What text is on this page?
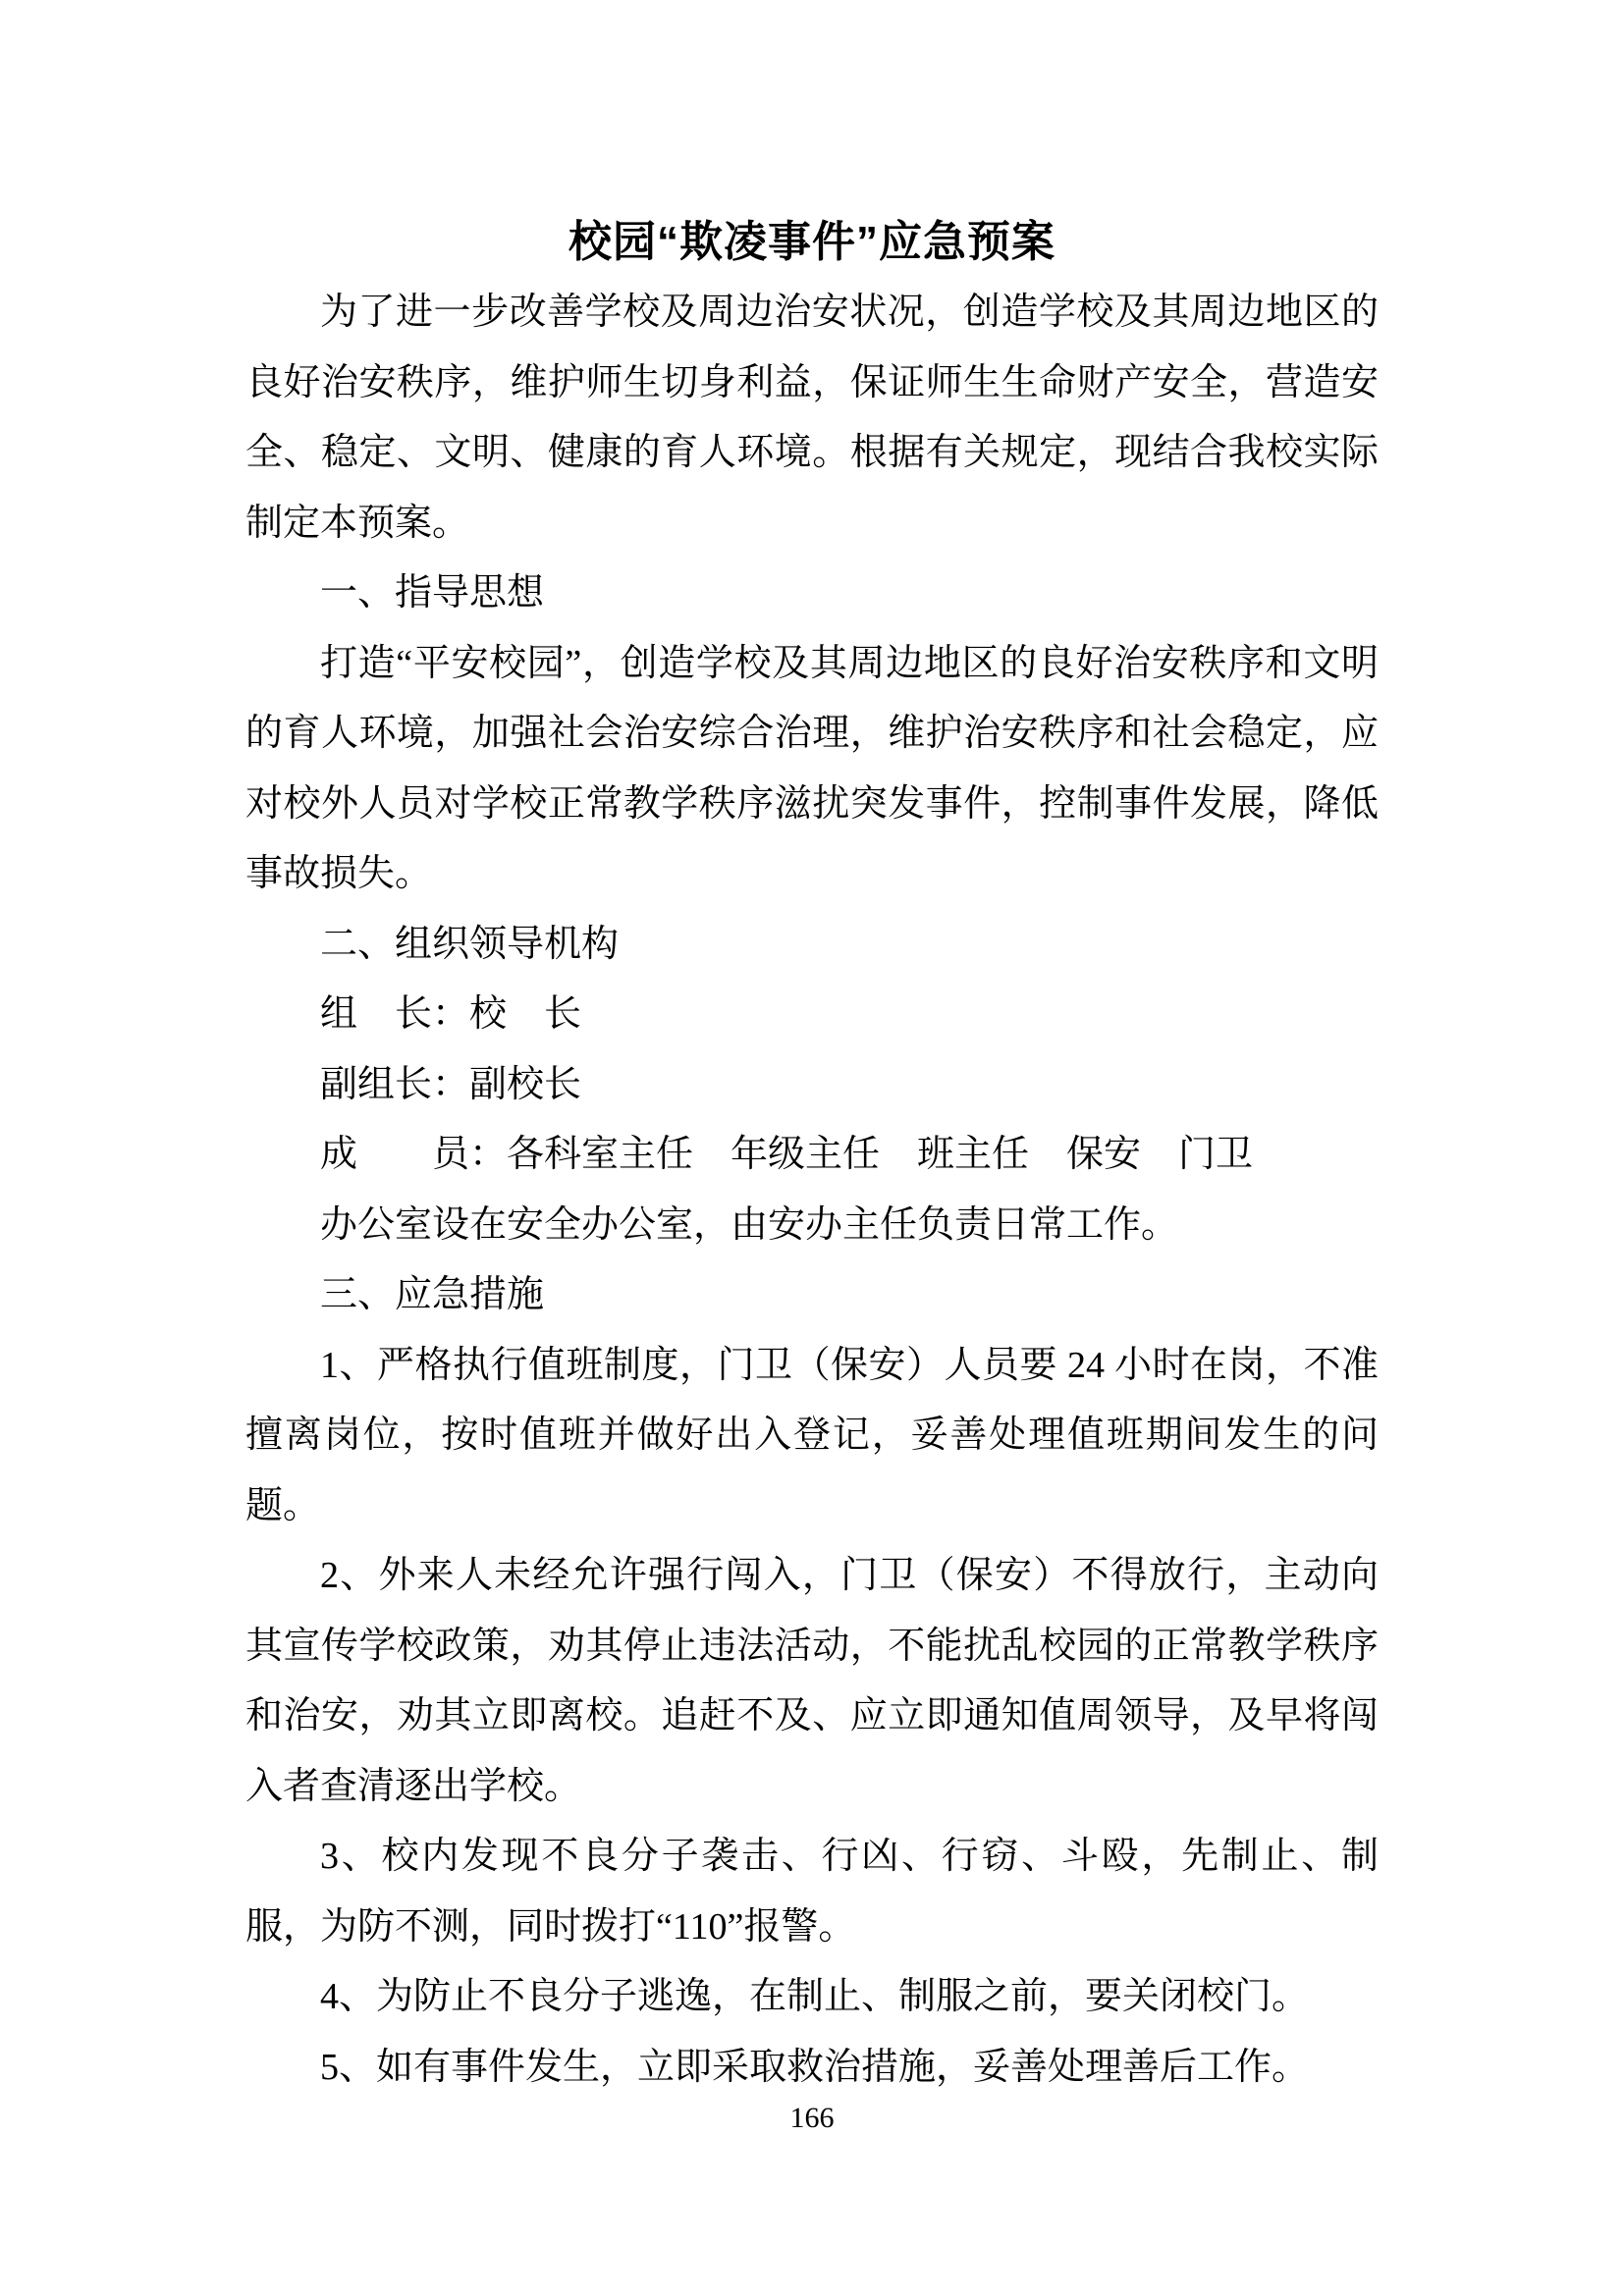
校园“欺凌事件”应急预案

为了进一步改善学校及周边治安状况，创造学校及其周边地区的良好治安秩序，维护师生切身利益，保证师生生命财产安全，营造安全、稳定、文明、健康的育人环境。根据有关规定，现结合我校实际制定本预案。

一、指导思想

打造“平安校园”，创造学校及其周边地区的良好治安秩序和文明的育人环境，加强社会治安综合治理，维护治安秩序和社会稳定，应对校外人员对学校正常教学秩序滋扰突发事件，控制事件发展，降低事故损失。

二、组织领导机构

组　长：校　长

副组长：副校长

成　　员：各科室主任　年级主任　班主任　保安　门卫

办公室设在安全办公室，由安办主任负责日常工作。

三、应急措施

1、严格执行值班制度，门卫（保安）人员要 24 小时在岗，不准擅离岗位，按时值班并做好出入登记，妥善处理值班期间发生的问题。

2、外来人未经允许强行闯入，门卫（保安）不得放行，主动向其宣传学校政策，劝其停止违法活动，不能扰乱校园的正常教学秩序和治安，劝其立即离校。追赶不及、应立即通知值周领导，及早将闯入者查清逐出学校。

3、校内发现不良分子袭击、行凶、行窃、斗殴，先制止、制服，为防不测，同时拨打“110”报警。

4、为防止不良分子逃逸，在制止、制服之前，要关闭校门。

5、如有事件发生，立即采取救治措施，妥善处理善后工作。

166
